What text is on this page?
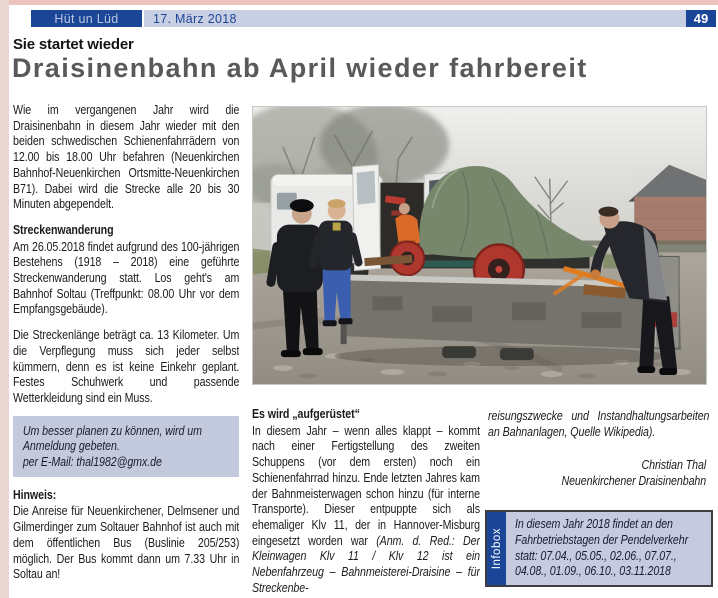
Hüt un Lüd	17. März 2018	49
Sie startet wieder
Draisinenbahn ab April wieder fahrbereit

Wie im vergangenen Jahr wird die Draisinenbahn in diesem Jahr wieder mit den beiden schwedischen Schienenfahrrädern von 12.00 bis 18.00 Uhr befahren (Neuenkirchen Bahnhof-Neuenkirchen Ortsmitte-Neuenkirchen B71). Dabei wird die Strecke alle 20 bis 30 Minuten abgependelt.

Streckenwanderung

Am 26.05.2018 findet aufgrund des 100-jährigen Bestehens (1918 – 2018) eine geführte Streckenwanderung statt. Los geht's am Bahnhof Soltau (Treffpunkt: 08.00 Uhr vor dem Empfangsgebäude).

Die Streckenlänge beträgt ca. 13 Kilometer. Um die Verpflegung muss sich jeder selbst kümmern, denn es ist keine Einkehr geplant. Festes Schuhwerk und passende Wetterkleidung sind ein Muss.

Um besser planen zu können, wird um Anmeldung gebeten.

per E-Mail: thal1982@gmx.de

Hinweis:

Die Anreise für Neuenkirchener, Delmsener und Gilmerdinger zum Soltauer Bahnhof ist auch mit dem öffentlichen Bus (Buslinie 205/253) möglich. Der Bus kommt dann um 7.33 Uhr in Soltau an!

Es wird „aufgerüstet“

In diesem Jahr – wenn alles klappt – kommt nach einer Fertigstellung des zweiten Schuppens (vor dem ersten) noch ein Schienenfahrrad hinzu. Ende letzten Jahres kam der Bahnmeisterwagen schon hinzu (für interne Transporte). Dieser entpuppte sich als ehemaliger Klv 11, der in Hannover-Misburg eingesetzt worden war (Anm. d. Red.: Der Kleinwagen Klv 11 / Klv 12 ist ein Nebenfahrzeug – Bahnmeisterei-Draisine – für Streckenbe-

reisungszwecke und Instandhaltungsarbeiten an Bahnanlagen, Quelle Wikipedia).

Christian Thal

Neuenkirchener Draisinenbahn

Infobox

In diesem Jahr 2018 findet an den Fahrbetriebstagen der Pendelverkehr statt: 07.04., 05.05., 02.06., 07.07., 04.08., 01.09., 06.10., 03.11.2018
